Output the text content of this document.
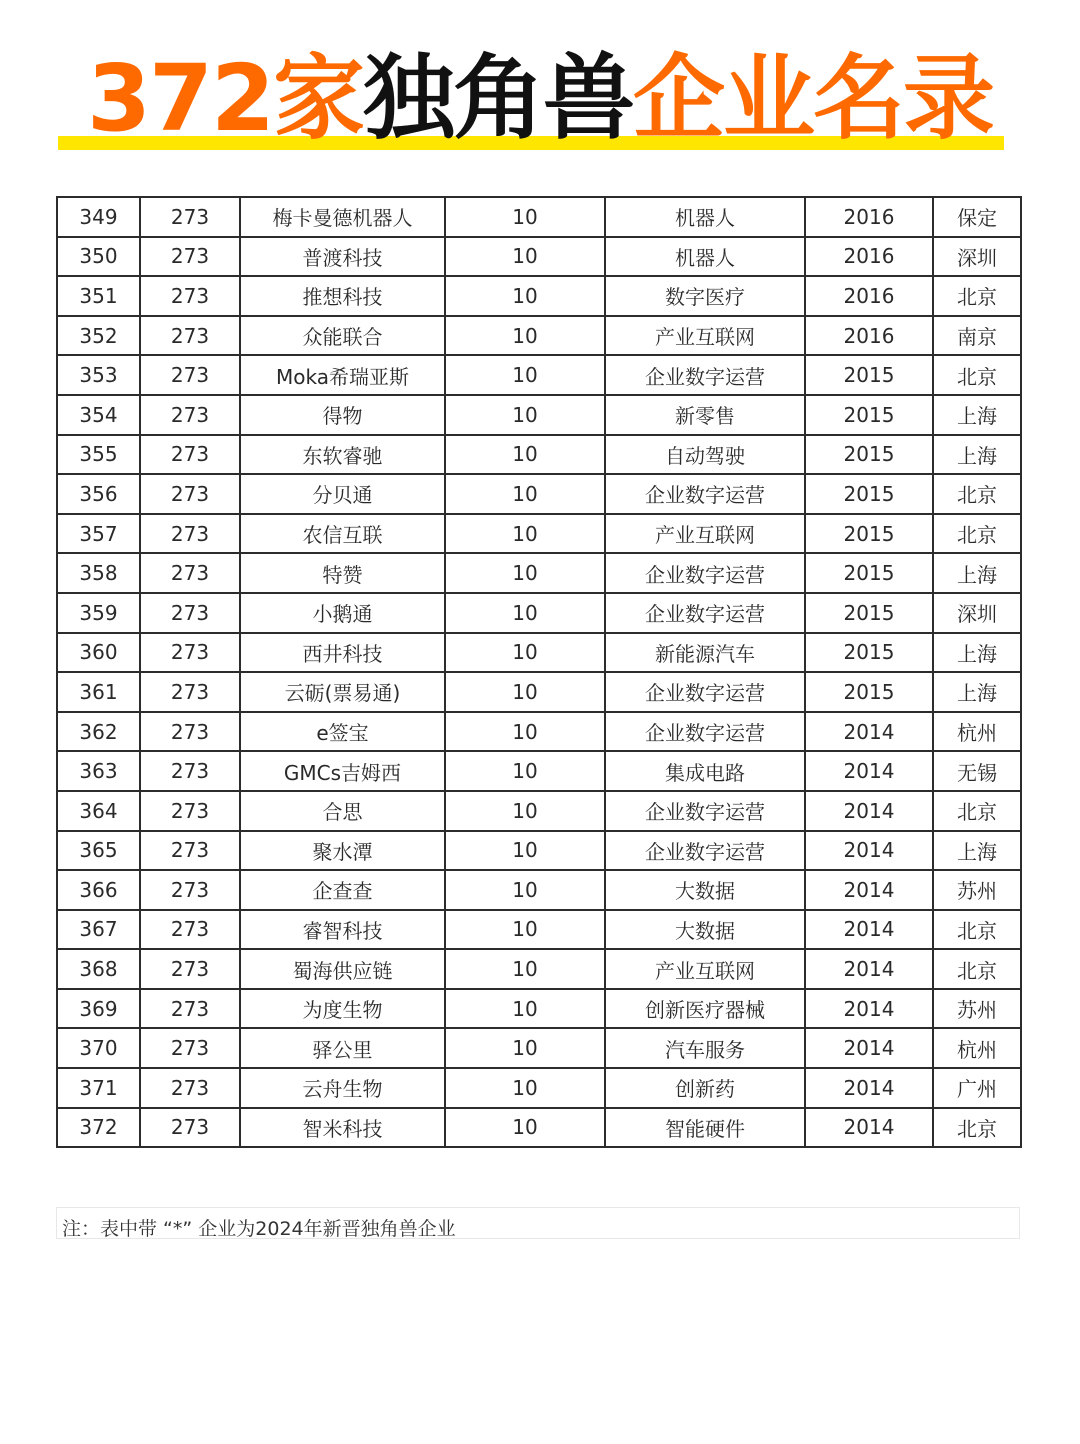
372家独角兽企业名录
349	273	梅卡曼德机器人	10	机器人	2016	保定
350	273	普渡科技	10	机器人	2016	深圳
351	273	推想科技	10	数字医疗	2016	北京
352	273	众能联合	10	产业互联网	2016	南京
353	273	Moka希瑞亚斯	10	企业数字运营	2015	北京
354	273	得物	10	新零售	2015	上海
355	273	东软睿驰	10	自动驾驶	2015	上海
356	273	分贝通	10	企业数字运营	2015	北京
357	273	农信互联	10	产业互联网	2015	北京
358	273	特赞	10	企业数字运营	2015	上海
359	273	小鹅通	10	企业数字运营	2015	深圳
360	273	西井科技	10	新能源汽车	2015	上海
361	273	云砺(票易通)	10	企业数字运营	2015	上海
362	273	e签宝	10	企业数字运营	2014	杭州
363	273	GMCs吉姆西	10	集成电路	2014	无锡
364	273	合思	10	企业数字运营	2014	北京
365	273	聚水潭	10	企业数字运营	2014	上海
366	273	企查查	10	大数据	2014	苏州
367	273	睿智科技	10	大数据	2014	北京
368	273	蜀海供应链	10	产业互联网	2014	北京
369	273	为度生物	10	创新医疗器械	2014	苏州
370	273	驿公里	10	汽车服务	2014	杭州
371	273	云舟生物	10	创新药	2014	广州
372	273	智米科技	10	智能硬件	2014	北京
注：表中带 “*” 企业为2024年新晋独角兽企业
